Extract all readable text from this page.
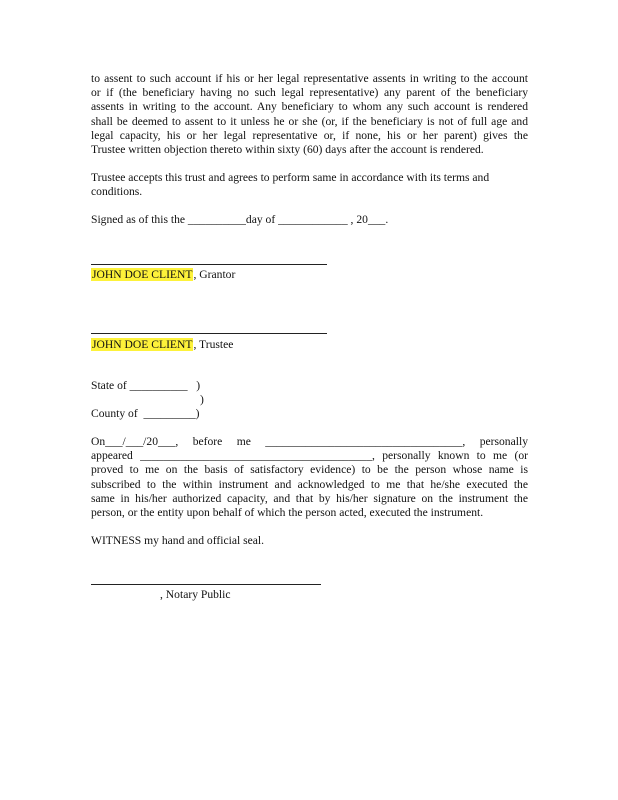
to assent to such account if his or her legal representative assents in writing to the account
or if (the beneficiary having no such legal representative) any parent of the beneficiary
assents in writing to the account. Any beneficiary to whom any such account is rendered
shall be deemed to assent to it unless he or she (or, if the beneficiary is not of full age and
legal capacity, his or her legal representative or, if none, his or her parent) gives the
Trustee written objection thereto within sixty (60) days after the account is rendered.
Trustee accepts this trust and agrees to perform same in accordance with its terms and
conditions.
Signed as of this the __________day of ____________ , 20___.
JOHN DOE CLIENT, Grantor
JOHN DOE CLIENT, Trustee
State of __________   )
)
County of  _________)
On___/___/20___, before me __________________________________, personally
appeared ________________________________________, personally known to me (or
proved to me on the basis of satisfactory evidence) to be the person whose name is
subscribed to the within instrument and acknowledged to me that he/she executed the
same in his/her authorized capacity, and that by his/her signature on the instrument the
person, or the entity upon behalf of which the person acted, executed the instrument.
WITNESS my hand and official seal.
, Notary Public
